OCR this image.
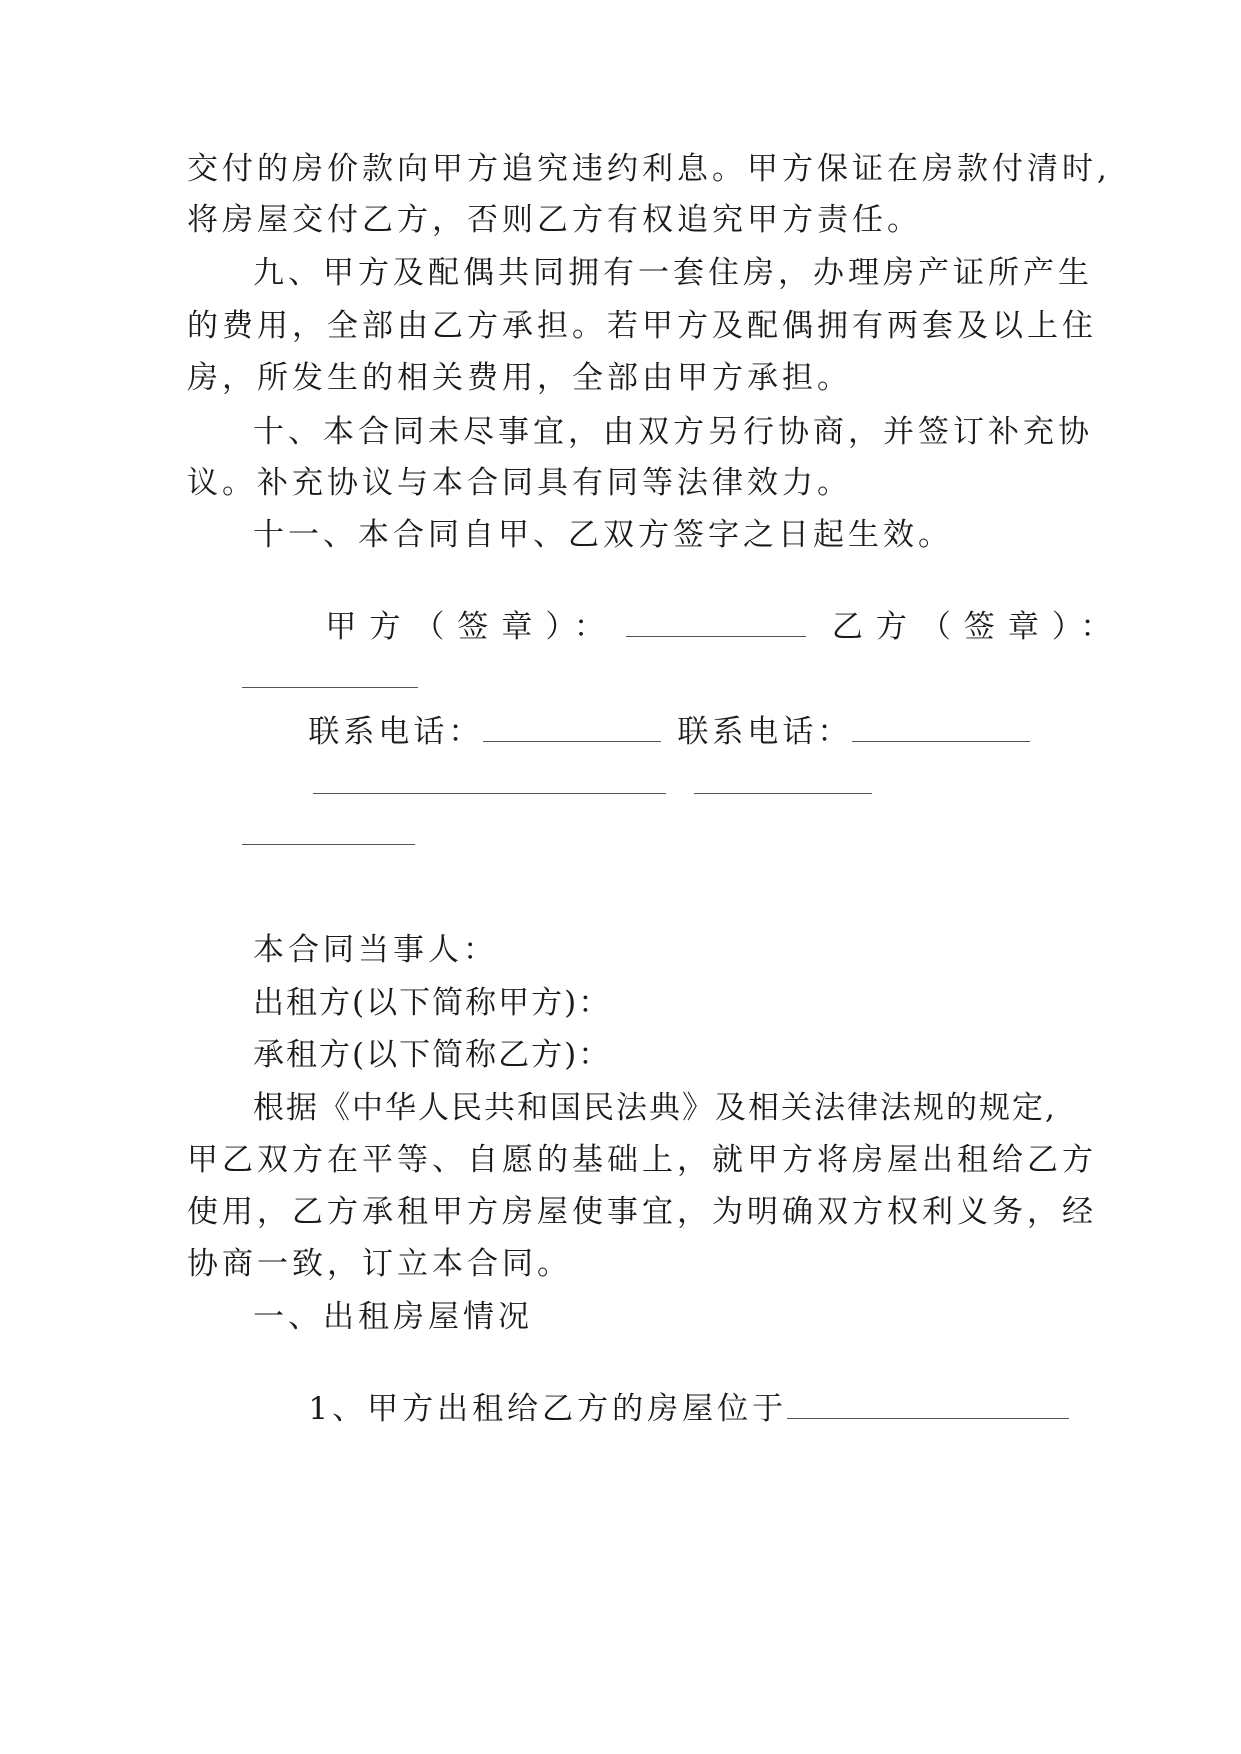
交付的房价款向甲方追究违约利息。甲方保证在房款付清时,
将房屋交付乙方，否则乙方有权追究甲方责任。
九、甲方及配偶共同拥有一套住房，办理房产证所产生
的费用，全部由乙方承担。若甲方及配偶拥有两套及以上住
房，所发生的相关费用，全部由甲方承担。
十、本合同未尽事宜，由双方另行协商，并签订补充协
议。补充协议与本合同具有同等法律效力。
十一、本合同自甲、乙双方签字之日起生效。

甲方（签章）：	乙方（签章）：

联系电话：	联系电话：

本合同当事人：
出租方(以下简称甲方)：
承租方(以下简称乙方)：
根据《中华人民共和国民法典》及相关法律法规的规定,
甲乙双方在平等、自愿的基础上，就甲方将房屋出租给乙方
使用，乙方承租甲方房屋使事宜，为明确双方权利义务，经
协商一致，订立本合同。
一、出租房屋情况

1、甲方出租给乙方的房屋位于
